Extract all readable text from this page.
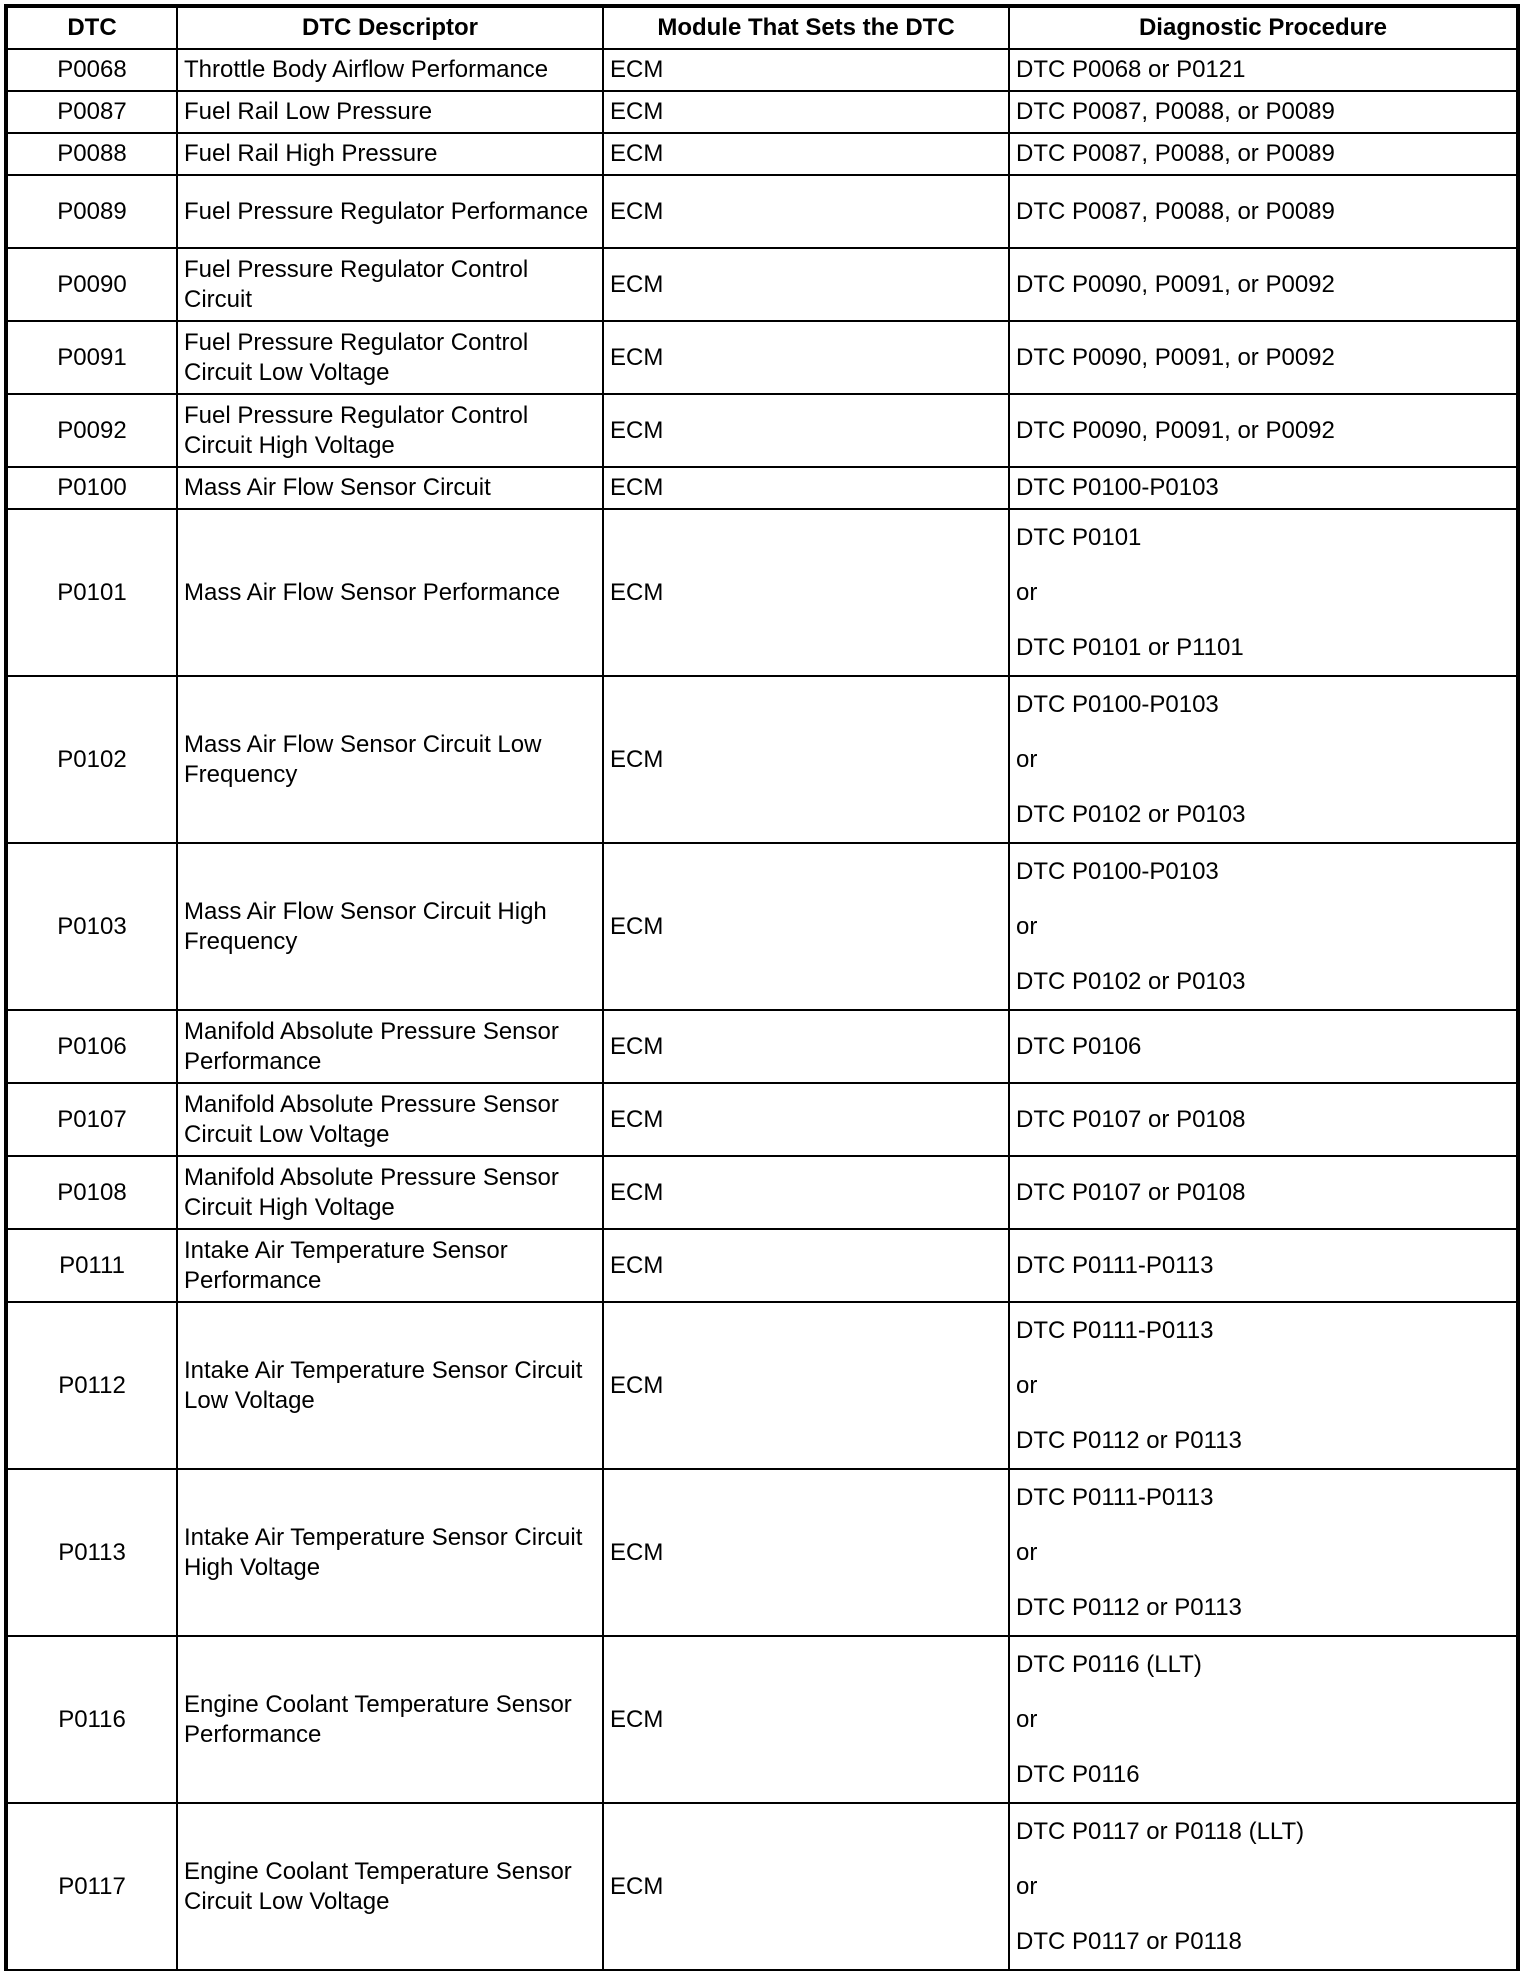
DTC	DTC Descriptor	Module That Sets the DTC	Diagnostic Procedure
P0068	Throttle Body Airflow Performance	ECM	DTC P0068 or P0121
P0087	Fuel Rail Low Pressure	ECM	DTC P0087, P0088, or P0089
P0088	Fuel Rail High Pressure	ECM	DTC P0087, P0088, or P0089
P0089	Fuel Pressure Regulator Performance	ECM	DTC P0087, P0088, or P0089
P0090	Fuel Pressure Regulator Control Circuit	ECM	DTC P0090, P0091, or P0092
P0091	Fuel Pressure Regulator Control Circuit Low Voltage	ECM	DTC P0090, P0091, or P0092
P0092	Fuel Pressure Regulator Control Circuit High Voltage	ECM	DTC P0090, P0091, or P0092
P0100	Mass Air Flow Sensor Circuit	ECM	DTC P0100-P0103
P0101	Mass Air Flow Sensor Performance	ECM	DTC P0101
or
DTC P0101 or P1101

P0102	Mass Air Flow Sensor Circuit Low Frequency	ECM	DTC P0100-P0103
or
DTC P0102 or P0103

P0103	Mass Air Flow Sensor Circuit High Frequency	ECM	DTC P0100-P0103
or
DTC P0102 or P0103

P0106	Manifold Absolute Pressure Sensor Performance	ECM	DTC P0106
P0107	Manifold Absolute Pressure Sensor Circuit Low Voltage	ECM	DTC P0107 or P0108
P0108	Manifold Absolute Pressure Sensor Circuit High Voltage	ECM	DTC P0107 or P0108
P0111	Intake Air Temperature Sensor Performance	ECM	DTC P0111-P0113
P0112	Intake Air Temperature Sensor Circuit Low Voltage	ECM	DTC P0111-P0113
or
DTC P0112 or P0113

P0113	Intake Air Temperature Sensor Circuit High Voltage	ECM	DTC P0111-P0113
or
DTC P0112 or P0113

P0116	Engine Coolant Temperature Sensor Performance	ECM	DTC P0116 (LLT)
or
DTC P0116

P0117	Engine Coolant Temperature Sensor Circuit Low Voltage	ECM	DTC P0117 or P0118 (LLT)
or
DTC P0117 or P0118
